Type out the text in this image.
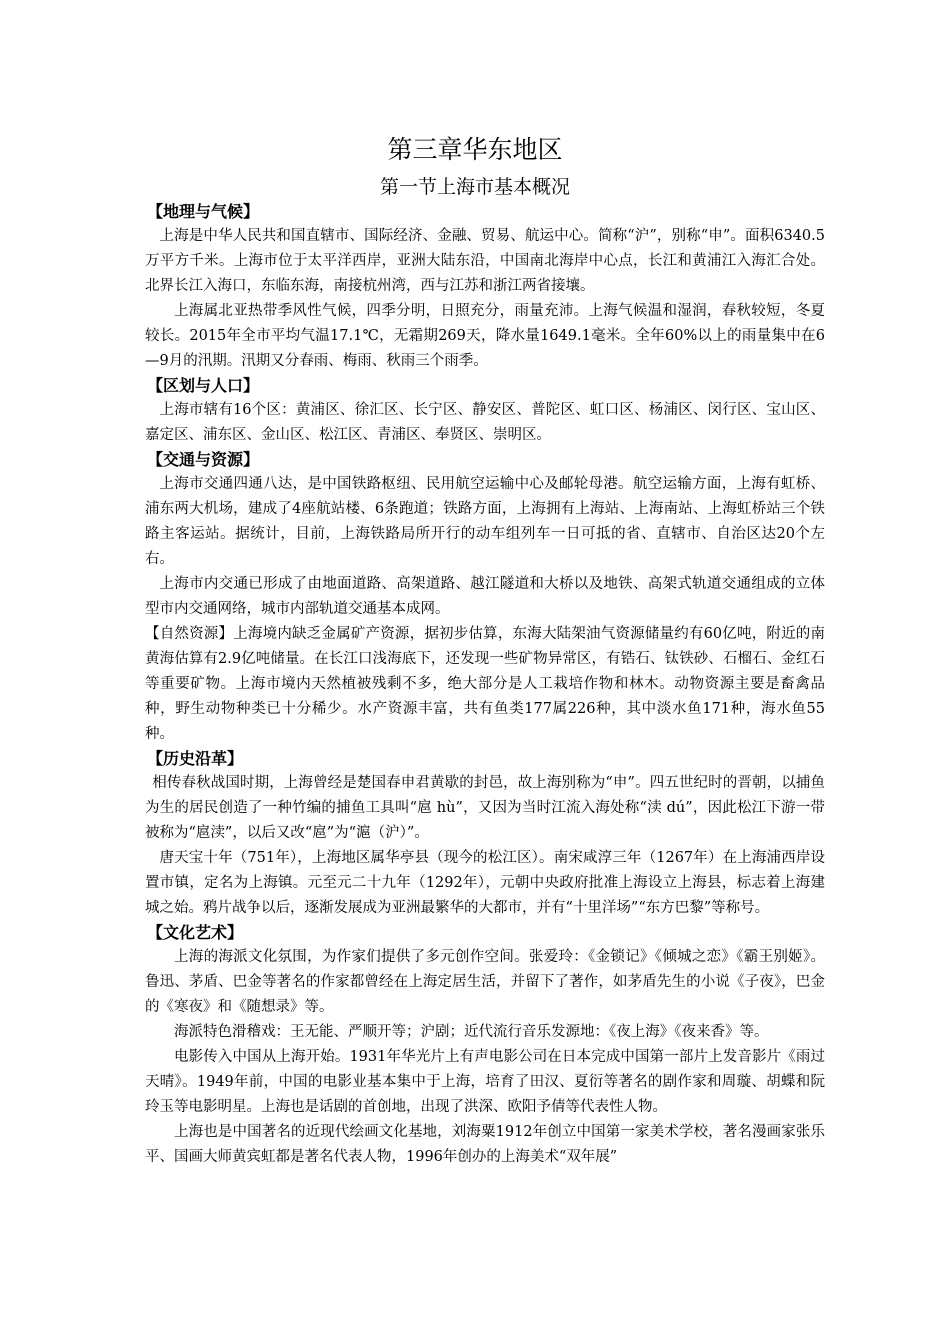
第三章华东地区
第一节上海市基本概况
【地理与气候】

上海是中华人民共和国直辖市、国际经济、金融、贸易、航运中心。简称“沪”，别称“申”。面积6340.5万平方千米。上海市位于太平洋西岸，亚洲大陆东沿，中国南北海岸中心点，长江和黄浦江入海汇合处。北界长江入海口，东临东海，南接杭州湾，西与江苏和浙江两省接壤。

上海属北亚热带季风性气候，四季分明，日照充分，雨量充沛。上海气候温和湿润，春秋较短，冬夏较长。2015年全市平均气温17.1℃，无霜期269天，降水量1649.1毫米。全年60%以上的雨量集中在6—9月的汛期。汛期又分春雨、梅雨、秋雨三个雨季。

【区划与人口】

上海市辖有16个区：黄浦区、徐汇区、长宁区、静安区、普陀区、虹口区、杨浦区、闵行区、宝山区、嘉定区、浦东区、金山区、松江区、青浦区、奉贤区、崇明区。

【交通与资源】

上海市交通四通八达，是中国铁路枢纽、民用航空运输中心及邮轮母港。航空运输方面，上海有虹桥、浦东两大机场，建成了4座航站楼、6条跑道；铁路方面，上海拥有上海站、上海南站、上海虹桥站三个铁路主客运站。据统计，目前，上海铁路局所开行的动车组列车一日可抵的省、直辖市、自治区达20个左右。

上海市内交通已形成了由地面道路、高架道路、越江隧道和大桥以及地铁、高架式轨道交通组成的立体型市内交通网络，城市内部轨道交通基本成网。

【自然资源】上海境内缺乏金属矿产资源，据初步估算，东海大陆架油气资源储量约有60亿吨，附近的南黄海估算有2.9亿吨储量。在长江口浅海底下，还发现一些矿物异常区，有锆石、钛铁砂、石榴石、金红石等重要矿物。上海市境内天然植被残剩不多，绝大部分是人工栽培作物和林木。动物资源主要是畜禽品种，野生动物种类已十分稀少。水产资源丰富，共有鱼类177属226种，其中淡水鱼171种，海水鱼55种。

【历史沿革】

相传春秋战国时期，上海曾经是楚国春申君黄歇的封邑，故上海别称为“申”。四五世纪时的晋朝，以捕鱼为生的居民创造了一种竹编的捕鱼工具叫“扈 hù”，又因为当时江流入海处称“渎 dú”，因此松江下游一带被称为“扈渎”，以后又改“扈”为“滬（沪）”。

唐天宝十年（751年），上海地区属华亭县（现今的松江区）。南宋咸淳三年（1267年）在上海浦西岸设置市镇，定名为上海镇。元至元二十九年（1292年），元朝中央政府批准上海设立上海县，标志着上海建城之始。鸦片战争以后，逐渐发展成为亚洲最繁华的大都市，并有“十里洋场”“东方巴黎”等称号。

【文化艺术】

上海的海派文化氛围，为作家们提供了多元创作空间。张爱玲：《金锁记》《倾城之恋》《霸王别姬》。鲁迅、茅盾、巴金等著名的作家都曾经在上海定居生活，并留下了著作，如茅盾先生的小说《子夜》，巴金的《寒夜》和《随想录》等。

海派特色滑稽戏：王无能、严顺开等；沪剧；近代流行音乐发源地：《夜上海》《夜来香》等。

电影传入中国从上海开始。1931年华光片上有声电影公司在日本完成中国第一部片上发音影片《雨过天晴》。1949年前，中国的电影业基本集中于上海，培育了田汉、夏衍等著名的剧作家和周璇、胡蝶和阮玲玉等电影明星。上海也是话剧的首创地，出现了洪深、欧阳予倩等代表性人物。

上海也是中国著名的近现代绘画文化基地，刘海粟1912年创立中国第一家美术学校，著名漫画家张乐平、国画大师黄宾虹都是著名代表人物，1996年创办的上海美术“双年展”
